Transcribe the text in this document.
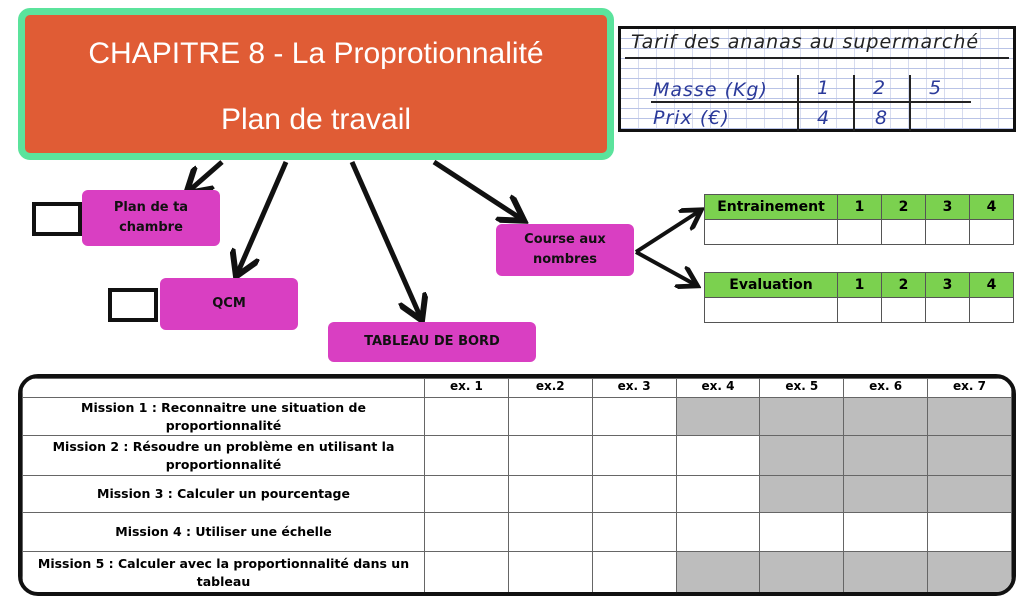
CHAPITRE 8 - La Proprotionnalité
Plan de travail
Tarif des ananas au supermarché
Masse (Kg)	1 2 5
Prix (€)	4 8
Plan de ta chambre
QCM
TABLEAU DE BORD
Course aux nombres
Entrainement	1	2	3	4

Evaluation	1	2	3	4

	ex. 1	ex.2	ex. 3	ex. 4	ex. 5	ex. 6	ex. 7
Mission 1 : Reconnaitre une situation de proportionnalité							
Mission 2 : Résoudre un problème en utilisant la proportionnalité							
Mission 3 : Calculer un pourcentage							
Mission 4 : Utiliser une échelle							
Mission 5 : Calculer avec la proportionnalité dans un tableau							
